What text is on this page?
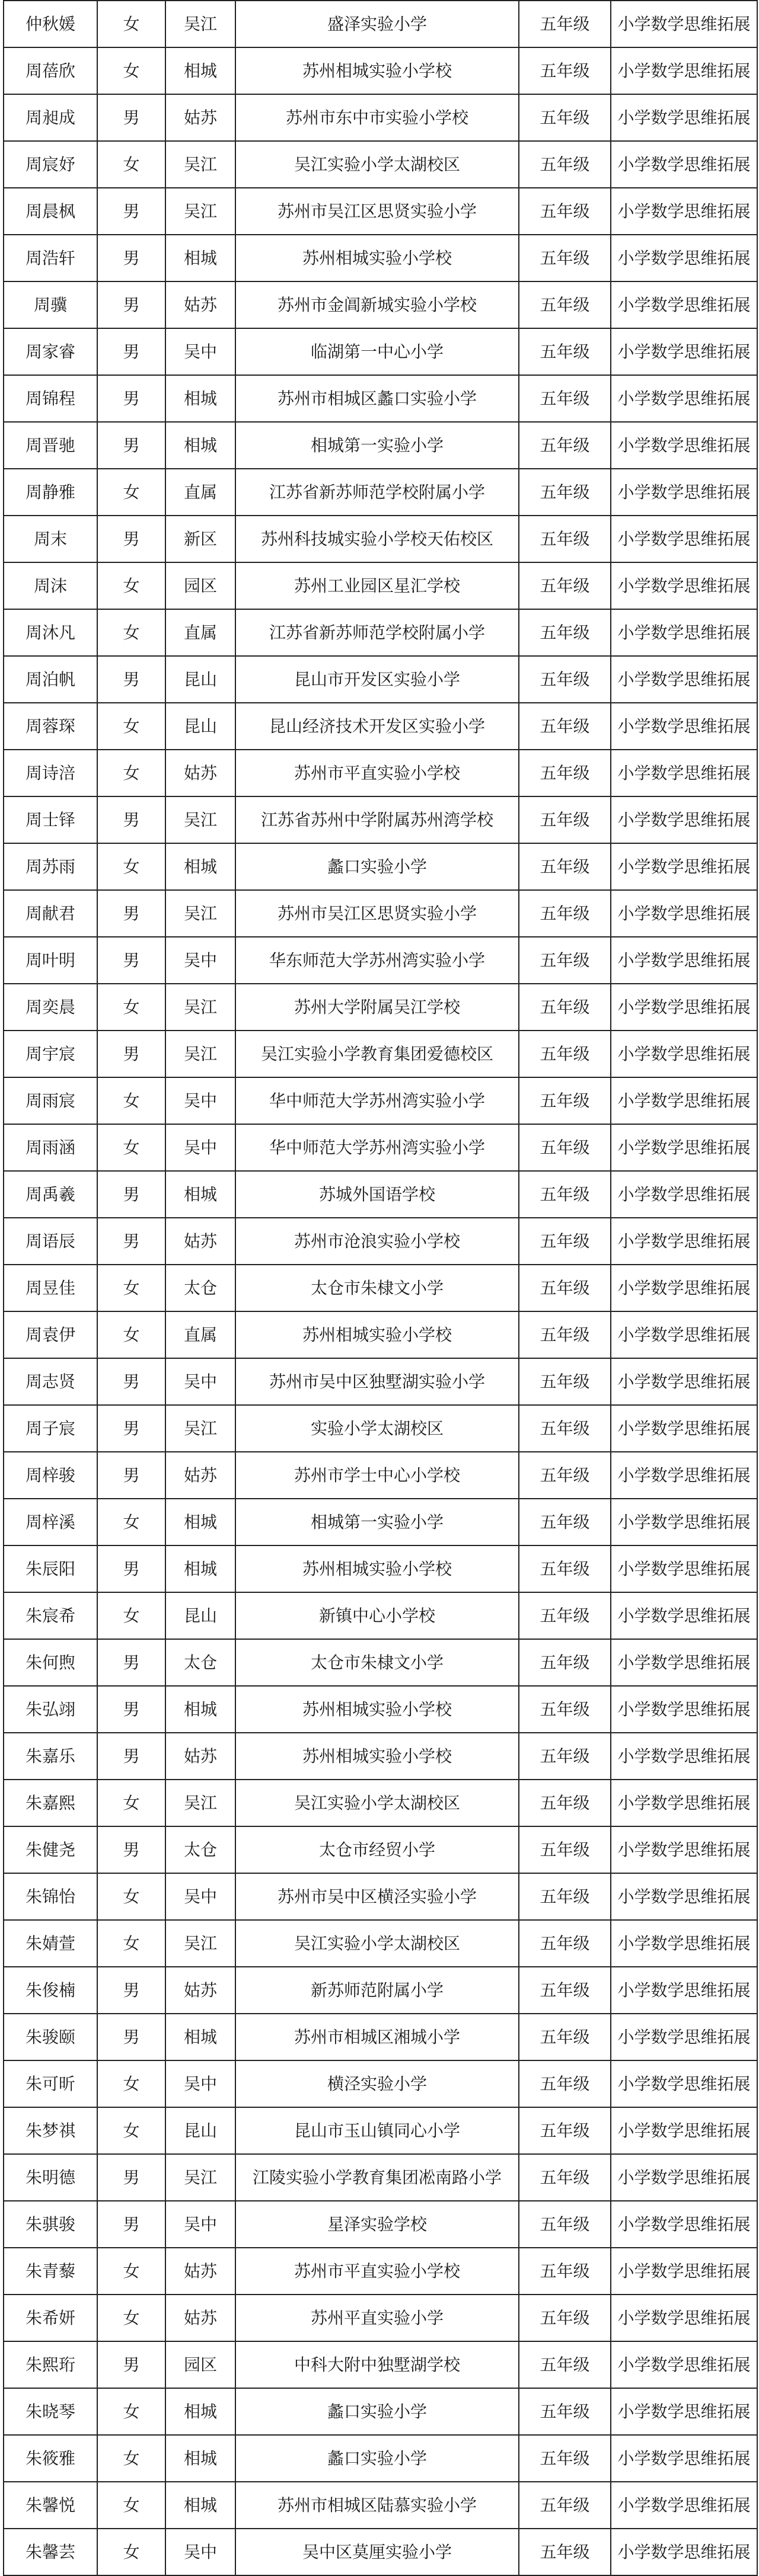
仲秋媛	女	吴江	盛泽实验小学	五年级	小学数学思维拓展
周蓓欣	女	相城	苏州相城实验小学校	五年级	小学数学思维拓展
周昶成	男	姑苏	苏州市东中市实验小学校	五年级	小学数学思维拓展
周宸妤	女	吴江	吴江实验小学太湖校区	五年级	小学数学思维拓展
周晨枫	男	吴江	苏州市吴江区思贤实验小学	五年级	小学数学思维拓展
周浩轩	男	相城	苏州相城实验小学校	五年级	小学数学思维拓展
周骥	男	姑苏	苏州市金阊新城实验小学校	五年级	小学数学思维拓展
周家睿	男	吴中	临湖第一中心小学	五年级	小学数学思维拓展
周锦程	男	相城	苏州市相城区蠡口实验小学	五年级	小学数学思维拓展
周晋驰	男	相城	相城第一实验小学	五年级	小学数学思维拓展
周静雅	女	直属	江苏省新苏师范学校附属小学	五年级	小学数学思维拓展
周末	男	新区	苏州科技城实验小学校天佑校区	五年级	小学数学思维拓展
周沫	女	园区	苏州工业园区星汇学校	五年级	小学数学思维拓展
周沐凡	女	直属	江苏省新苏师范学校附属小学	五年级	小学数学思维拓展
周泊帆	男	昆山	昆山市开发区实验小学	五年级	小学数学思维拓展
周蓉琛	女	昆山	昆山经济技术开发区实验小学	五年级	小学数学思维拓展
周诗涪	女	姑苏	苏州市平直实验小学校	五年级	小学数学思维拓展
周士铎	男	吴江	江苏省苏州中学附属苏州湾学校	五年级	小学数学思维拓展
周苏雨	女	相城	蠡口实验小学	五年级	小学数学思维拓展
周献君	男	吴江	苏州市吴江区思贤实验小学	五年级	小学数学思维拓展
周叶明	男	吴中	华东师范大学苏州湾实验小学	五年级	小学数学思维拓展
周奕晨	女	吴江	苏州大学附属吴江学校	五年级	小学数学思维拓展
周宇宸	男	吴江	吴江实验小学教育集团爱德校区	五年级	小学数学思维拓展
周雨宸	女	吴中	华中师范大学苏州湾实验小学	五年级	小学数学思维拓展
周雨涵	女	吴中	华中师范大学苏州湾实验小学	五年级	小学数学思维拓展
周禹羲	男	相城	苏城外国语学校	五年级	小学数学思维拓展
周语辰	男	姑苏	苏州市沧浪实验小学校	五年级	小学数学思维拓展
周昱佳	女	太仓	太仓市朱棣文小学	五年级	小学数学思维拓展
周袁伊	女	直属	苏州相城实验小学校	五年级	小学数学思维拓展
周志贤	男	吴中	苏州市吴中区独墅湖实验小学	五年级	小学数学思维拓展
周子宸	男	吴江	实验小学太湖校区	五年级	小学数学思维拓展
周梓骏	男	姑苏	苏州市学士中心小学校	五年级	小学数学思维拓展
周梓溪	女	相城	相城第一实验小学	五年级	小学数学思维拓展
朱辰阳	男	相城	苏州相城实验小学校	五年级	小学数学思维拓展
朱宸希	女	昆山	新镇中心小学校	五年级	小学数学思维拓展
朱何煦	男	太仓	太仓市朱棣文小学	五年级	小学数学思维拓展
朱弘翊	男	相城	苏州相城实验小学校	五年级	小学数学思维拓展
朱嘉乐	男	姑苏	苏州相城实验小学校	五年级	小学数学思维拓展
朱嘉熙	女	吴江	吴江实验小学太湖校区	五年级	小学数学思维拓展
朱健尧	男	太仓	太仓市经贸小学	五年级	小学数学思维拓展
朱锦怡	女	吴中	苏州市吴中区横泾实验小学	五年级	小学数学思维拓展
朱婧萱	女	吴江	吴江实验小学太湖校区	五年级	小学数学思维拓展
朱俊楠	男	姑苏	新苏师范附属小学	五年级	小学数学思维拓展
朱骏颐	男	相城	苏州市相城区湘城小学	五年级	小学数学思维拓展
朱可昕	女	吴中	横泾实验小学	五年级	小学数学思维拓展
朱梦祺	女	昆山	昆山市玉山镇同心小学	五年级	小学数学思维拓展
朱明德	男	吴江	江陵实验小学教育集团凇南路小学	五年级	小学数学思维拓展
朱骐骏	男	吴中	星泽实验学校	五年级	小学数学思维拓展
朱青藜	女	姑苏	苏州市平直实验小学校	五年级	小学数学思维拓展
朱希妍	女	姑苏	苏州平直实验小学	五年级	小学数学思维拓展
朱熙珩	男	园区	中科大附中独墅湖学校	五年级	小学数学思维拓展
朱晓琴	女	相城	蠡口实验小学	五年级	小学数学思维拓展
朱筱雅	女	相城	蠡口实验小学	五年级	小学数学思维拓展
朱馨悦	女	相城	苏州市相城区陆慕实验小学	五年级	小学数学思维拓展
朱馨芸	女	吴中	吴中区莫厘实验小学	五年级	小学数学思维拓展
